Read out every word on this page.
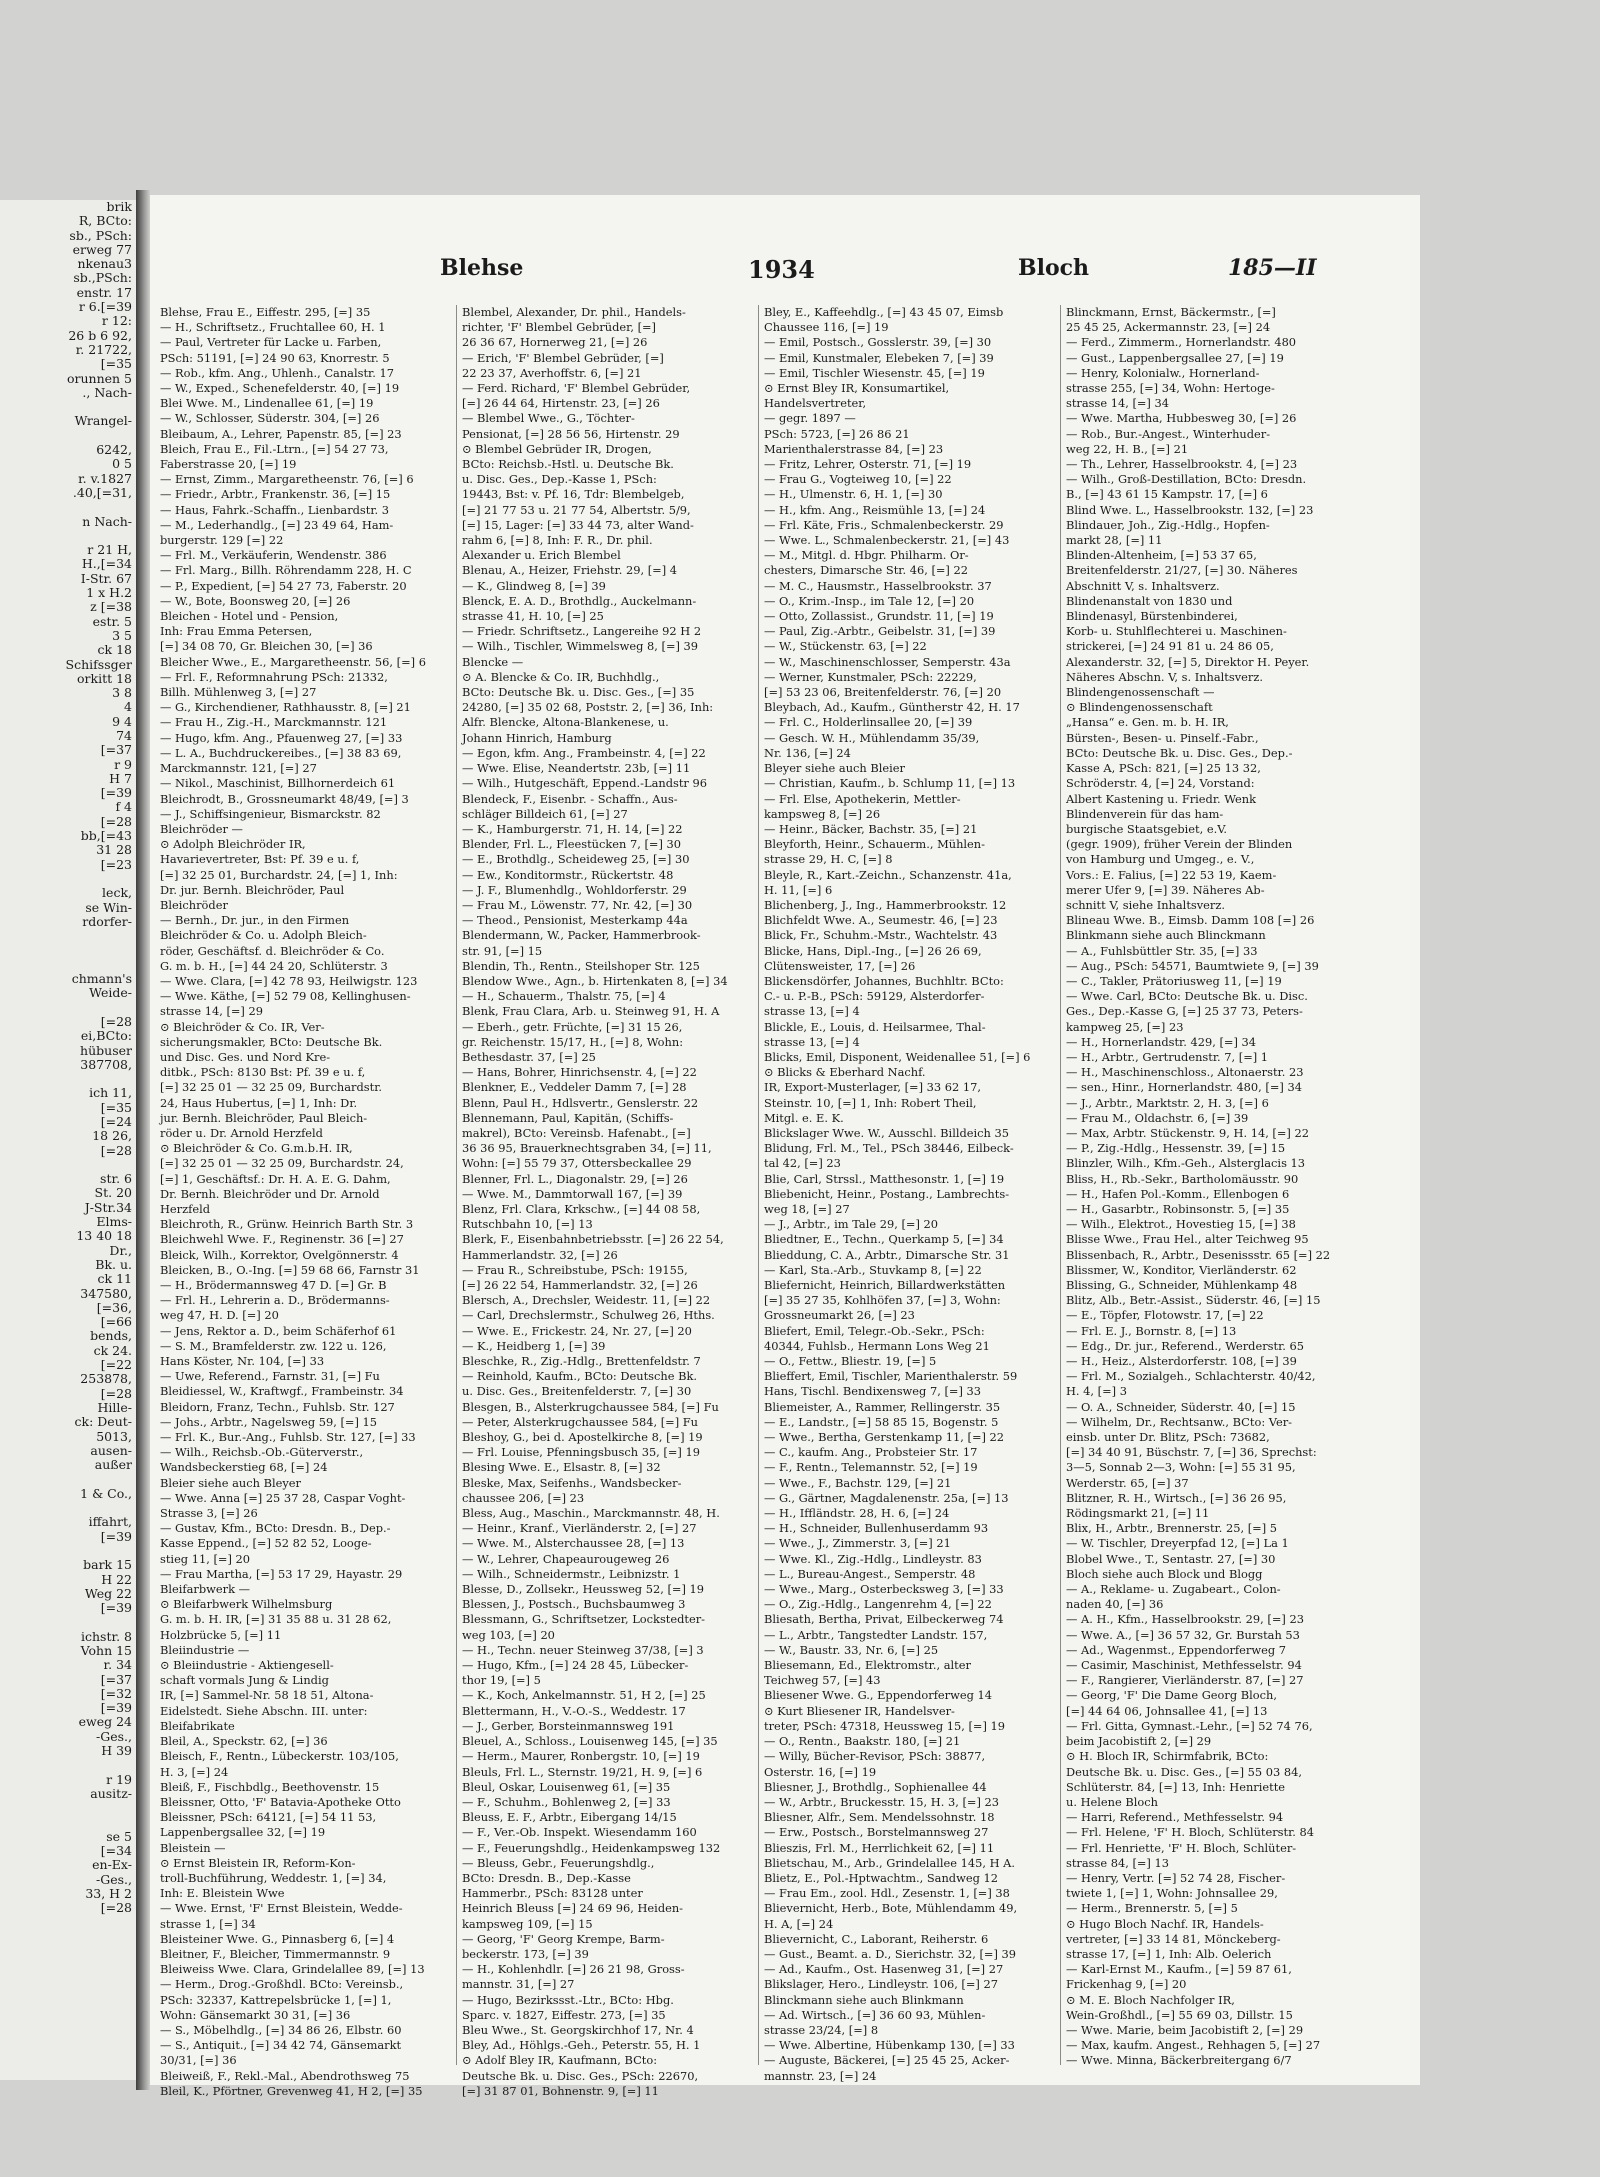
brik
R, BCto:
sb., PSch:
erweg 77
nkenau3
sb.,PSch:
enstr. 17
r 6.[=39
r 12:
26 b 6 92,
r. 21722,
[=35
orunnen 5
., Nach-

Wrangel-

6242,
0 5
r. v.1827
.40,[=31,

n Nach-

r 21 H,
H.,[=34
I-Str. 67
1 x H.2
z [=38
estr. 5
3 5
ck 18
Schifssger
orkitt 18
3 8
4
9 4
74
[=37
r 9
H 7
[=39
f 4
[=28
bb,[=43
31 28
[=23

leck,
se Win-
rdorfer-

chmann's
Weide-

[=28
ei,BCto:
hübuser
387708,

ich 11,
[=35
[=24
18 26,
[=28

str. 6
St. 20
J-Str.34
Elms-
13 40 18
Dr.,
Bk. u.
ck 11
347580,
[=36,
[=66
bends,
ck 24.
[=22
253878,
[=28
Hille-
ck: Deut-
5013,
ausen-
außer

1 & Co.,

iffahrt,
[=39

bark 15
H 22
Weg 22
[=39

ichstr. 8
Vohn 15
r. 34
[=37
[=32
[=39
eweg 24
-Ges.,
H 39

r 19
ausitz-

se 5
[=34
en-Ex-
-Ges.,
33, H 2
[=28
Blehse	1934	Bloch	185—II
Blehse, Frau E., Eiffestr. 295, [=] 35
— H., Schriftsetz., Fruchtallee 60, H. 1
— Paul, Vertreter für Lacke u. Farben,
PSch: 51191, [=] 24 90 63, Knorrestr. 5
— Rob., kfm. Ang., Uhlenh., Canalstr. 17
— W., Exped., Schenefelderstr. 40, [=] 19
Blei Wwe. M., Lindenallee 61, [=] 19
— W., Schlosser, Süderstr. 304, [=] 26
Bleibaum, A., Lehrer, Papenstr. 85, [=] 23
Bleich, Frau E., Fil.-Ltrn., [=] 54 27 73,
Faberstrasse 20, [=] 19
— Ernst, Zimm., Margaretheenstr. 76, [=] 6
— Friedr., Arbtr., Frankenstr. 36, [=] 15
— Haus, Fahrk.-Schaffn., Lienbardstr. 3
— M., Lederhandlg., [=] 23 49 64, Ham-
burgerstr. 129 [=] 22
— Frl. M., Verkäuferin, Wendenstr. 386
— Frl. Marg., Billh. Röhrendamm 228, H. C
— P., Expedient, [=] 54 27 73, Faberstr. 20
— W., Bote, Boonsweg 20, [=] 26
Bleichen - Hotel und - Pension,
Inh: Frau Emma Petersen,
[=] 34 08 70, Gr. Bleichen 30, [=] 36
Bleicher Wwe., E., Margaretheenstr. 56, [=] 6
— Frl. F., Reformnahrung PSch: 21332,
Billh. Mühlenweg 3, [=] 27
— G., Kirchendiener, Rathhausstr. 8, [=] 21
— Frau H., Zig.-H., Marckmannstr. 121
— Hugo, kfm. Ang., Pfauenweg 27, [=] 33
— L. A., Buchdruckereibes., [=] 38 83 69,
Marckmannstr. 121, [=] 27
— Nikol., Maschinist, Billhornerdeich 61
Bleichrodt, B., Grossneumarkt 48/49, [=] 3
— J., Schiffsingenieur, Bismarckstr. 82
Bleichröder —
⊙ Adolph Bleichröder IR,
Havarievertreter, Bst: Pf. 39 e u. f,
[=] 32 25 01, Burchardstr. 24, [=] 1, Inh:
Dr. jur. Bernh. Bleichröder, Paul
Bleichröder
— Bernh., Dr. jur., in den Firmen
Bleichröder & Co. u. Adolph Bleich-
röder, Geschäftsf. d. Bleichröder & Co.
G. m. b. H., [=] 44 24 20, Schlüterstr. 3
— Wwe. Clara, [=] 42 78 93, Heilwigstr. 123
— Wwe. Käthe, [=] 52 79 08, Kellinghusen-
strasse 14, [=] 29
⊙ Bleichröder & Co. IR, Ver-
sicherungsmakler, BCto: Deutsche Bk.
und Disc. Ges. und Nord Kre-
ditbk., PSch: 8130 Bst: Pf. 39 e u. f,
[=] 32 25 01 — 32 25 09, Burchardstr.
24, Haus Hubertus, [=] 1, Inh: Dr.
jur. Bernh. Bleichröder, Paul Bleich-
röder u. Dr. Arnold Herzfeld
⊙ Bleichröder & Co. G.m.b.H. IR,
[=] 32 25 01 — 32 25 09, Burchardstr. 24,
[=] 1, Geschäftsf.: Dr. H. A. E. G. Dahm,
Dr. Bernh. Bleichröder und Dr. Arnold
Herzfeld
Bleichroth, R., Grünw. Heinrich Barth Str. 3
Bleichwehl Wwe. F., Reginenstr. 36 [=] 27
Bleick, Wilh., Korrektor, Ovelgönnerstr. 4
Bleicken, B., O.-Ing. [=] 59 68 66, Farnstr 31
— H., Brödermannsweg 47 D. [=] Gr. B
— Frl. H., Lehrerin a. D., Brödermanns-
weg 47, H. D. [=] 20
— Jens, Rektor a. D., beim Schäferhof 61
— S. M., Bramfelderstr. zw. 122 u. 126,
Hans Köster, Nr. 104, [=] 33
— Uwe, Referend., Farnstr. 31, [=] Fu
Bleidiessel, W., Kraftwgf., Frambeinstr. 34
Bleidorn, Franz, Techn., Fuhlsb. Str. 127
— Johs., Arbtr., Nagelsweg 59, [=] 15
— Frl. K., Bur.-Ang., Fuhlsb. Str. 127, [=] 33
— Wilh., Reichsb.-Ob.-Güterverstr.,
Wandsbeckerstieg 68, [=] 24
Bleier siehe auch Bleyer
— Wwe. Anna [=] 25 37 28, Caspar Voght-
Strasse 3, [=] 26
— Gustav, Kfm., BCto: Dresdn. B., Dep.-
Kasse Eppend., [=] 52 82 52, Looge-
stieg 11, [=] 20
— Frau Martha, [=] 53 17 29, Hayastr. 29
Bleifarbwerk —
⊙ Bleifarbwerk Wilhelmsburg
G. m. b. H. IR, [=] 31 35 88 u. 31 28 62,
Holzbrücke 5, [=] 11
Bleiindustrie —
⊙ Bleiindustrie - Aktiengesell-
schaft vormals Jung & Lindig
IR, [=] Sammel-Nr. 58 18 51, Altona-
Eidelstedt. Siehe Abschn. III. unter:
Bleifabrikate
Bleil, A., Speckstr. 62, [=] 36
Bleisch, F., Rentn., Lübeckerstr. 103/105,
H. 3, [=] 24
Bleiß, F., Fischbdlg., Beethovenstr. 15
Bleissner, Otto, 'F' Batavia-Apotheke Otto
Bleissner, PSch: 64121, [=] 54 11 53,
Lappenbergsallee 32, [=] 19
Bleistein —
⊙ Ernst Bleistein IR, Reform-Kon-
troll-Buchführung, Weddestr. 1, [=] 34,
Inh: E. Bleistein Wwe
— Wwe. Ernst, 'F' Ernst Bleistein, Wedde-
strasse 1, [=] 34
Bleisteiner Wwe. G., Pinnasberg 6, [=] 4
Bleitner, F., Bleicher, Timmermannstr. 9
Bleiweiss Wwe. Clara, Grindelallee 89, [=] 13
— Herm., Drog.-Großhdl. BCto: Vereinsb.,
PSch: 32337, Kattrepelsbrücke 1, [=] 1,
Wohn: Gänsemarkt 30 31, [=] 36
— S., Möbelhdlg., [=] 34 86 26, Elbstr. 60
— S., Antiquit., [=] 34 42 74, Gänsemarkt
30/31, [=] 36
Bleiweiß, F., Rekl.-Mal., Abendrothsweg 75
Bleil, K., Pförtner, Grevenweg 41, H 2, [=] 35
Blembel, Alexander, Dr. phil., Handels-
richter, 'F' Blembel Gebrüder, [=]
26 36 67, Hornerweg 21, [=] 26
— Erich, 'F' Blembel Gebrüder, [=]
22 23 37, Averhoffstr. 6, [=] 21
— Ferd. Richard, 'F' Blembel Gebrüder,
[=] 26 44 64, Hirtenstr. 23, [=] 26
— Blembel Wwe., G., Töchter-
Pensionat, [=] 28 56 56, Hirtenstr. 29
⊙ Blembel Gebrüder IR, Drogen,
BCto: Reichsb.-Hstl. u. Deutsche Bk.
u. Disc. Ges., Dep.-Kasse 1, PSch:
19443, Bst: v. Pf. 16, Tdr: Blembelgeb,
[=] 21 77 53 u. 21 77 54, Albertstr. 5/9,
[=] 15, Lager: [=] 33 44 73, alter Wand-
rahm 6, [=] 8, Inh: F. R., Dr. phil.
Alexander u. Erich Blembel
Blenau, A., Heizer, Friehstr. 29, [=] 4
— K., Glindweg 8, [=] 39
Blenck, E. A. D., Brothdlg., Auckelmann-
strasse 41, H. 10, [=] 25
— Friedr. Schriftsetz., Langereihe 92 H 2
— Wilh., Tischler, Wimmelsweg 8, [=] 39
Blencke —
⊙ A. Blencke & Co. IR, Buchhdlg.,
BCto: Deutsche Bk. u. Disc. Ges., [=] 35
24280, [=] 35 02 68, Poststr. 2, [=] 36, Inh:
Alfr. Blencke, Altona-Blankenese, u.
Johann Hinrich, Hamburg
— Egon, kfm. Ang., Frambeinstr. 4, [=] 22
— Wwe. Elise, Neandertstr. 23b, [=] 11
— Wilh., Hutgeschäft, Eppend.-Landstr 96
Blendeck, F., Eisenbr. - Schaffn., Aus-
schläger Billdeich 61, [=] 27
— K., Hamburgerstr. 71, H. 14, [=] 22
Blender, Frl. L., Fleestücken 7, [=] 30
— E., Brothdlg., Scheideweg 25, [=] 30
— Ew., Konditormstr., Rückertstr. 48
— J. F., Blumenhdlg., Wohldorferstr. 29
— Frau M., Löwenstr. 77, Nr. 42, [=] 30
— Theod., Pensionist, Mesterkamp 44a
Blendermann, W., Packer, Hammerbrook-
str. 91, [=] 15
Blendin, Th., Rentn., Steilshoper Str. 125
Blendow Wwe., Agn., b. Hirtenkaten 8, [=] 34
— H., Schauerm., Thalstr. 75, [=] 4
Blenk, Frau Clara, Arb. u. Steinweg 91, H. A
— Eberh., getr. Früchte, [=] 31 15 26,
gr. Reichenstr. 15/17, H., [=] 8, Wohn:
Bethesdastr. 37, [=] 25
— Hans, Bohrer, Hinrichsenstr. 4, [=] 22
Blenkner, E., Veddeler Damm 7, [=] 28
Blenn, Paul H., Hdlsvertr., Genslerstr. 22
Blennemann, Paul, Kapitän, (Schiffs-
makrel), BCto: Vereinsb. Hafenabt., [=]
36 36 95, Brauerknechtsgraben 34, [=] 11,
Wohn: [=] 55 79 37, Ottersbeckallee 29
Blenner, Frl. L., Diagonalstr. 29, [=] 26
— Wwe. M., Dammtorwall 167, [=] 39
Blenz, Frl. Clara, Krkschw., [=] 44 08 58,
Rutschbahn 10, [=] 13
Blerk, F., Eisenbahnbetriebsstr. [=] 26 22 54,
Hammerlandstr. 32, [=] 26
— Frau R., Schreibstube, PSch: 19155,
[=] 26 22 54, Hammerlandstr. 32, [=] 26
Blersch, A., Drechsler, Weidestr. 11, [=] 22
— Carl, Drechslermstr., Schulweg 26, Hths.
— Wwe. E., Frickestr. 24, Nr. 27, [=] 20
— K., Heidberg 1, [=] 39
Bleschke, R., Zig.-Hdlg., Brettenfeldstr. 7
— Reinhold, Kaufm., BCto: Deutsche Bk.
u. Disc. Ges., Breitenfelderstr. 7, [=] 30
Blesgen, B., Alsterkrugchaussee 584, [=] Fu
— Peter, Alsterkrugchaussee 584, [=] Fu
Bleshoy, G., bei d. Apostelkirche 8, [=] 19
— Frl. Louise, Pfenningsbusch 35, [=] 19
Blesing Wwe. E., Elsastr. 8, [=] 32
Bleske, Max, Seifenhs., Wandsbecker-
chaussee 206, [=] 23
Bless, Aug., Maschin., Marckmannstr. 48, H.
— Heinr., Kranf., Vierländerstr. 2, [=] 27
— Wwe. M., Alsterchaussee 28, [=] 13
— W., Lehrer, Chapeaurougeweg 26
— Wilh., Schneidermstr., Leibnizstr. 1
Blesse, D., Zollsekr., Heussweg 52, [=] 19
Blessen, J., Postsch., Buchsbaumweg 3
Blessmann, G., Schriftsetzer, Lockstedter-
weg 103, [=] 20
— H., Techn. neuer Steinweg 37/38, [=] 3
— Hugo, Kfm., [=] 24 28 45, Lübecker-
thor 19, [=] 5
— K., Koch, Ankelmannstr. 51, H 2, [=] 25
Blettermann, H., V.-O.-S., Weddestr. 17
— J., Gerber, Borsteinmannsweg 191
Bleuel, A., Schloss., Louisenweg 145, [=] 35
— Herm., Maurer, Ronbergstr. 10, [=] 19
Bleuls, Frl. L., Sternstr. 19/21, H. 9, [=] 6
Bleul, Oskar, Louisenweg 61, [=] 35
— F., Schuhm., Bohlenweg 2, [=] 33
Bleuss, E. F., Arbtr., Eibergang 14/15
— F., Ver.-Ob. Inspekt. Wiesendamm 160
— F., Feuerungshdlg., Heidenkampsweg 132
— Bleuss, Gebr., Feuerungshdlg.,
BCto: Dresdn. B., Dep.-Kasse
Hammerbr., PSch: 83128 unter
Heinrich Bleuss [=] 24 69 96, Heiden-
kampsweg 109, [=] 15
— Georg, 'F' Georg Krempe, Barm-
beckerstr. 173, [=] 39
— H., Kohlenhdlr. [=] 26 21 98, Gross-
mannstr. 31, [=] 27
— Hugo, Bezirkssst.-Ltr., BCto: Hbg.
Sparc. v. 1827, Eiffestr. 273, [=] 35
Bleu Wwe., St. Georgskirchhof 17, Nr. 4
Bley, Ad., Höhlgs.-Geh., Peterstr. 55, H. 1
⊙ Adolf Bley IR, Kaufmann, BCto:
Deutsche Bk. u. Disc. Ges., PSch: 22670,
[=] 31 87 01, Bohnenstr. 9, [=] 11
Bley, E., Kaffeehdlg., [=] 43 45 07, Eimsb
Chaussee 116, [=] 19
— Emil, Postsch., Gosslerstr. 39, [=] 30
— Emil, Kunstmaler, Elebeken 7, [=] 39
— Emil, Tischler Wiesenstr. 45, [=] 19
⊙ Ernst Bley IR, Konsumartikel,
Handelsvertreter,
— gegr. 1897 —
PSch: 5723, [=] 26 86 21
Marienthalerstrasse 84, [=] 23
— Fritz, Lehrer, Osterstr. 71, [=] 19
— Frau G., Vogteiweg 10, [=] 22
— H., Ulmenstr. 6, H. 1, [=] 30
— H., kfm. Ang., Reismühle 13, [=] 24
— Frl. Käte, Fris., Schmalenbeckerstr. 29
— Wwe. L., Schmalenbeckerstr. 21, [=] 43
— M., Mitgl. d. Hbgr. Philharm. Or-
chesters, Dimarsche Str. 46, [=] 22
— M. C., Hausmstr., Hasselbrookstr. 37
— O., Krim.-Insp., im Tale 12, [=] 20
— Otto, Zollassist., Grundstr. 11, [=] 19
— Paul, Zig.-Arbtr., Geibelstr. 31, [=] 39
— W., Stückenstr. 63, [=] 22
— W., Maschinenschlosser, Semperstr. 43a
— Werner, Kunstmaler, PSch: 22229,
[=] 53 23 06, Breitenfelderstr. 76, [=] 20
Bleybach, Ad., Kaufm., Güntherstr 42, H. 17
— Frl. C., Holderlinsallee 20, [=] 39
— Gesch. W. H., Mühlendamm 35/39,
Nr. 136, [=] 24
Bleyer siehe auch Bleier
— Christian, Kaufm., b. Schlump 11, [=] 13
— Frl. Else, Apothekerin, Mettler-
kampsweg 8, [=] 26
— Heinr., Bäcker, Bachstr. 35, [=] 21
Bleyforth, Heinr., Schauerm., Mühlen-
strasse 29, H. C, [=] 8
Bleyle, R., Kart.-Zeichn., Schanzenstr. 41a,
H. 11, [=] 6
Blichenberg, J., Ing., Hammerbrookstr. 12
Blichfeldt Wwe. A., Seumestr. 46, [=] 23
Blick, Fr., Schuhm.-Mstr., Wachtelstr. 43
Blicke, Hans, Dipl.-Ing., [=] 26 26 69,
Clütensweister, 17, [=] 26
Blickensdörfer, Johannes, Buchhltr. BCto:
C.- u. P.-B., PSch: 59129, Alsterdorfer-
strasse 13, [=] 4
Blickle, E., Louis, d. Heilsarmee, Thal-
strasse 13, [=] 4
Blicks, Emil, Disponent, Weidenallee 51, [=] 6
⊙ Blicks & Eberhard Nachf.
IR, Export-Musterlager, [=] 33 62 17,
Steinstr. 10, [=] 1, Inh: Robert Theil,
Mitgl. e. E. K.
Blickslager Wwe. W., Ausschl. Billdeich 35
Blidung, Frl. M., Tel., PSch 38446, Eilbeck-
tal 42, [=] 23
Blie, Carl, Strssl., Matthesonstr. 1, [=] 19
Bliebenicht, Heinr., Postang., Lambrechts-
weg 18, [=] 27
— J., Arbtr., im Tale 29, [=] 20
Bliedtner, E., Techn., Querkamp 5, [=] 34
Blieddung, C. A., Arbtr., Dimarsche Str. 31
— Karl, Sta.-Arb., Stuvkamp 8, [=] 22
Bliefernicht, Heinrich, Billardwerkstätten
[=] 35 27 35, Kohlhöfen 37, [=] 3, Wohn:
Grossneumarkt 26, [=] 23
Bliefert, Emil, Telegr.-Ob.-Sekr., PSch:
40344, Fuhlsb., Hermann Lons Weg 21
— O., Fettw., Bliestr. 19, [=] 5
Blieffert, Emil, Tischler, Marienthalerstr. 59
Hans, Tischl. Bendixensweg 7, [=] 33
Bliemeister, A., Rammer, Rellingerstr. 35
— E., Landstr., [=] 58 85 15, Bogenstr. 5
— Wwe., Bertha, Gerstenkamp 11, [=] 22
— C., kaufm. Ang., Probsteier Str. 17
— F., Rentn., Telemannstr. 52, [=] 19
— Wwe., F., Bachstr. 129, [=] 21
— G., Gärtner, Magdalenenstr. 25a, [=] 13
— H., Iffländstr. 28, H. 6, [=] 24
— H., Schneider, Bullenhuserdamm 93
— Wwe., J., Zimmerstr. 3, [=] 21
— Wwe. Kl., Zig.-Hdlg., Lindleystr. 83
— L., Bureau-Angest., Semperstr. 48
— Wwe., Marg., Osterbecksweg 3, [=] 33
— O., Zig.-Hdlg., Langenrehm 4, [=] 22
Bliesath, Bertha, Privat, Eilbeckerweg 74
— L., Arbtr., Tangstedter Landstr. 157,
— W., Baustr. 33, Nr. 6, [=] 25
Bliesemann, Ed., Elektromstr., alter
Teichweg 57, [=] 43
Bliesener Wwe. G., Eppendorferweg 14
⊙ Kurt Bliesener IR, Handelsver-
treter, PSch: 47318, Heussweg 15, [=] 19
— O., Rentn., Baakstr. 180, [=] 21
— Willy, Bücher-Revisor, PSch: 38877,
Osterstr. 16, [=] 19
Bliesner, J., Brothdlg., Sophienallee 44
— W., Arbtr., Bruckesstr. 15, H. 3, [=] 23
Bliesner, Alfr., Sem. Mendelssohnstr. 18
— Erw., Postsch., Borstelmannsweg 27
Blieszis, Frl. M., Herrlichkeit 62, [=] 11
Blietschau, M., Arb., Grindelallee 145, H A.
Blietz, E., Pol.-Hptwachtm., Sandweg 12
— Frau Em., zool. Hdl., Zesenstr. 1, [=] 38
Blievernicht, Herb., Bote, Mühlendamm 49,
H. A, [=] 24
Blievernicht, C., Laborant, Reiherstr. 6
— Gust., Beamt. a. D., Sierichstr. 32, [=] 39
— Ad., Kaufm., Ost. Hasenweg 31, [=] 27
Blikslager, Hero., Lindleystr. 106, [=] 27
Blinckmann siehe auch Blinkmann
— Ad. Wirtsch., [=] 36 60 93, Mühlen-
strasse 23/24, [=] 8
— Wwe. Albertine, Hübenkamp 130, [=] 33
— Auguste, Bäckerei, [=] 25 45 25, Acker-
mannstr. 23, [=] 24
Blinckmann, Ernst, Bäckermstr., [=]
25 45 25, Ackermannstr. 23, [=] 24
— Ferd., Zimmerm., Hornerlandstr. 480
— Gust., Lappenbergsallee 27, [=] 19
— Henry, Kolonialw., Hornerland-
strasse 255, [=] 34, Wohn: Hertoge-
strasse 14, [=] 34
— Wwe. Martha, Hubbesweg 30, [=] 26
— Rob., Bur.-Angest., Winterhuder-
weg 22, H. B., [=] 21
— Th., Lehrer, Hasselbrookstr. 4, [=] 23
— Wilh., Groß-Destillation, BCto: Dresdn.
B., [=] 43 61 15 Kampstr. 17, [=] 6
Blind Wwe. L., Hasselbrookstr. 132, [=] 23
Blindauer, Joh., Zig.-Hdlg., Hopfen-
markt 28, [=] 11
Blinden-Altenheim, [=] 53 37 65,
Breitenfelderstr. 21/27, [=] 30. Näheres
Abschnitt V, s. Inhaltsverz.
Blindenanstalt von 1830 und
Blindenasyl, Bürstenbinderei,
Korb- u. Stuhlflechterei u. Maschinen-
strickerei, [=] 24 91 81 u. 24 86 05,
Alexanderstr. 32, [=] 5, Direktor H. Peyer.
Näheres Abschn. V, s. Inhaltsverz.
Blindengenossenschaft —
⊙ Blindengenossenschaft
„Hansa“ e. Gen. m. b. H. IR,
Bürsten-, Besen- u. Pinself.-Fabr.,
BCto: Deutsche Bk. u. Disc. Ges., Dep.-
Kasse A, PSch: 821, [=] 25 13 32,
Schröderstr. 4, [=] 24, Vorstand:
Albert Kastening u. Friedr. Wenk
Blindenverein für das ham-
burgische Staatsgebiet, e.V.
(gegr. 1909), früher Verein der Blinden
von Hamburg und Umgeg., e. V.,
Vors.: E. Falius, [=] 22 53 19, Kaem-
merer Ufer 9, [=] 39. Näheres Ab-
schnitt V, siehe Inhaltsverz.
Blineau Wwe. B., Eimsb. Damm 108 [=] 26
Blinkmann siehe auch Blinckmann
— A., Fuhlsbüttler Str. 35, [=] 33
— Aug., PSch: 54571, Baumtwiete 9, [=] 39
— C., Takler, Prätoriusweg 11, [=] 19
— Wwe. Carl, BCto: Deutsche Bk. u. Disc.
Ges., Dep.-Kasse G, [=] 25 37 73, Peters-
kampweg 25, [=] 23
— H., Hornerlandstr. 429, [=] 34
— H., Arbtr., Gertrudenstr. 7, [=] 1
— H., Maschinenschloss., Altonaerstr. 23
— sen., Hinr., Hornerlandstr. 480, [=] 34
— J., Arbtr., Marktstr. 2, H. 3, [=] 6
— Frau M., Oldachstr. 6, [=] 39
— Max, Arbtr. Stückenstr. 9, H. 14, [=] 22
— P., Zig.-Hdlg., Hessenstr. 39, [=] 15
Blinzler, Wilh., Kfm.-Geh., Alsterglacis 13
Bliss, H., Rb.-Sekr., Bartholomäusstr. 90
— H., Hafen Pol.-Komm., Ellenbogen 6
— H., Gasarbtr., Robinsonstr. 5, [=] 35
— Wilh., Elektrot., Hovestieg 15, [=] 38
Blisse Wwe., Frau Hel., alter Teichweg 95
Blissenbach, R., Arbtr., Desenissstr. 65 [=] 22
Blissmer, W., Konditor, Vierländerstr. 62
Blissing, G., Schneider, Mühlenkamp 48
Blitz, Alb., Betr.-Assist., Süderstr. 46, [=] 15
— E., Töpfer, Flotowstr. 17, [=] 22
— Frl. E. J., Bornstr. 8, [=] 13
— Edg., Dr. jur., Referend., Werderstr. 65
— H., Heiz., Alsterdorferstr. 108, [=] 39
— Frl. M., Sozialgeh., Schlachterstr. 40/42,
H. 4, [=] 3
— O. A., Schneider, Süderstr. 40, [=] 15
— Wilhelm, Dr., Rechtsanw., BCto: Ver-
einsb. unter Dr. Blitz, PSch: 73682,
[=] 34 40 91, Büschstr. 7, [=] 36, Sprechst:
3—5, Sonnab 2—3, Wohn: [=] 55 31 95,
Werderstr. 65, [=] 37
Blitzner, R. H., Wirtsch., [=] 36 26 95,
Rödingsmarkt 21, [=] 11
Blix, H., Arbtr., Brennerstr. 25, [=] 5
— W. Tischler, Dreyerpfad 12, [=] La 1
Blobel Wwe., T., Sentastr. 27, [=] 30
Bloch siehe auch Block und Blogg
— A., Reklame- u. Zugabeart., Colon-
naden 40, [=] 36
— A. H., Kfm., Hasselbrookstr. 29, [=] 23
— Wwe. A., [=] 36 57 32, Gr. Burstah 53
— Ad., Wagenmst., Eppendorferweg 7
— Casimir, Maschinist, Methfesselstr. 94
— F., Rangierer, Vierländerstr. 87, [=] 27
— Georg, 'F' Die Dame Georg Bloch,
[=] 44 64 06, Johnsallee 41, [=] 13
— Frl. Gitta, Gymnast.-Lehr., [=] 52 74 76,
beim Jacobistift 2, [=] 29
⊙ H. Bloch IR, Schirmfabrik, BCto:
Deutsche Bk. u. Disc. Ges., [=] 55 03 84,
Schlüterstr. 84, [=] 13, Inh: Henriette
u. Helene Bloch
— Harri, Referend., Methfesselstr. 94
— Frl. Helene, 'F' H. Bloch, Schlüterstr. 84
— Frl. Henriette, 'F' H. Bloch, Schlüter-
strasse 84, [=] 13
— Henry, Vertr. [=] 52 74 28, Fischer-
twiete 1, [=] 1, Wohn: Johnsallee 29,
— Herm., Brennerstr. 5, [=] 5
⊙ Hugo Bloch Nachf. IR, Handels-
vertreter, [=] 33 14 81, Mönckeberg-
strasse 17, [=] 1, Inh: Alb. Oelerich
— Karl-Ernst M., Kaufm., [=] 59 87 61,
Frickenhag 9, [=] 20
⊙ M. E. Bloch Nachfolger IR,
Wein-Großhdl., [=] 55 69 03, Dillstr. 15
— Wwe. Marie, beim Jacobistift 2, [=] 29
— Max, kaufm. Angest., Rehhagen 5, [=] 27
— Wwe. Minna, Bäckerbreitergang 6/7
